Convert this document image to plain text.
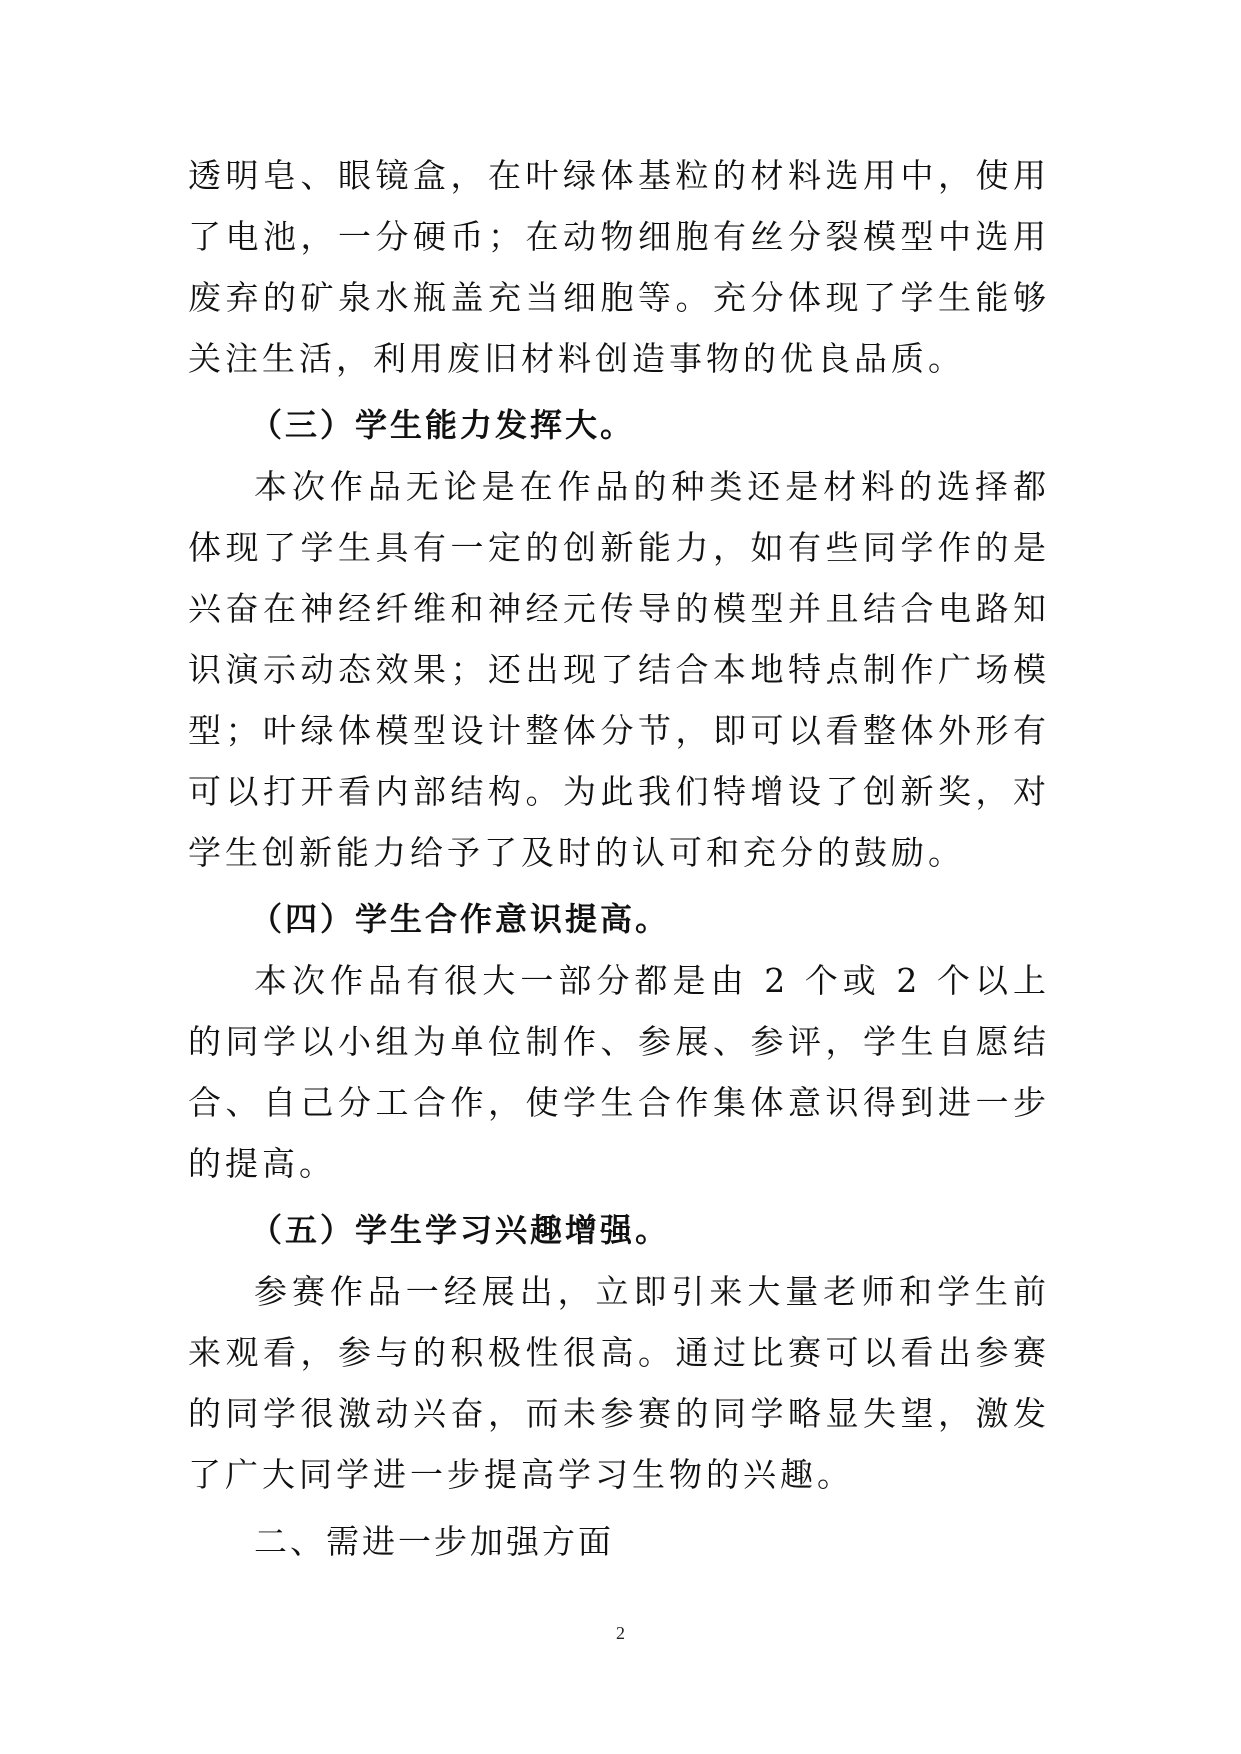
透明皂、眼镜盒，在叶绿体基粒的材料选用中，使用了电池，一分硬币；在动物细胞有丝分裂模型中选用废弃的矿泉水瓶盖充当细胞等。充分体现了学生能够关注生活，利用废旧材料创造事物的优良品质。

（三）学生能力发挥大。

本次作品无论是在作品的种类还是材料的选择都体现了学生具有一定的创新能力，如有些同学作的是兴奋在神经纤维和神经元传导的模型并且结合电路知识演示动态效果；还出现了结合本地特点制作广场模型；叶绿体模型设计整体分节，即可以看整体外形有可以打开看内部结构。为此我们特增设了创新奖，对学生创新能力给予了及时的认可和充分的鼓励。

（四）学生合作意识提高。

本次作品有很大一部分都是由 2 个或 2 个以上的同学以小组为单位制作、参展、参评，学生自愿结合、自己分工合作，使学生合作集体意识得到进一步的提高。

（五）学生学习兴趣增强。

参赛作品一经展出，立即引来大量老师和学生前来观看，参与的积极性很高。通过比赛可以看出参赛的同学很激动兴奋，而未参赛的同学略显失望，激发了广大同学进一步提高学习生物的兴趣。

二、需进一步加强方面

2
